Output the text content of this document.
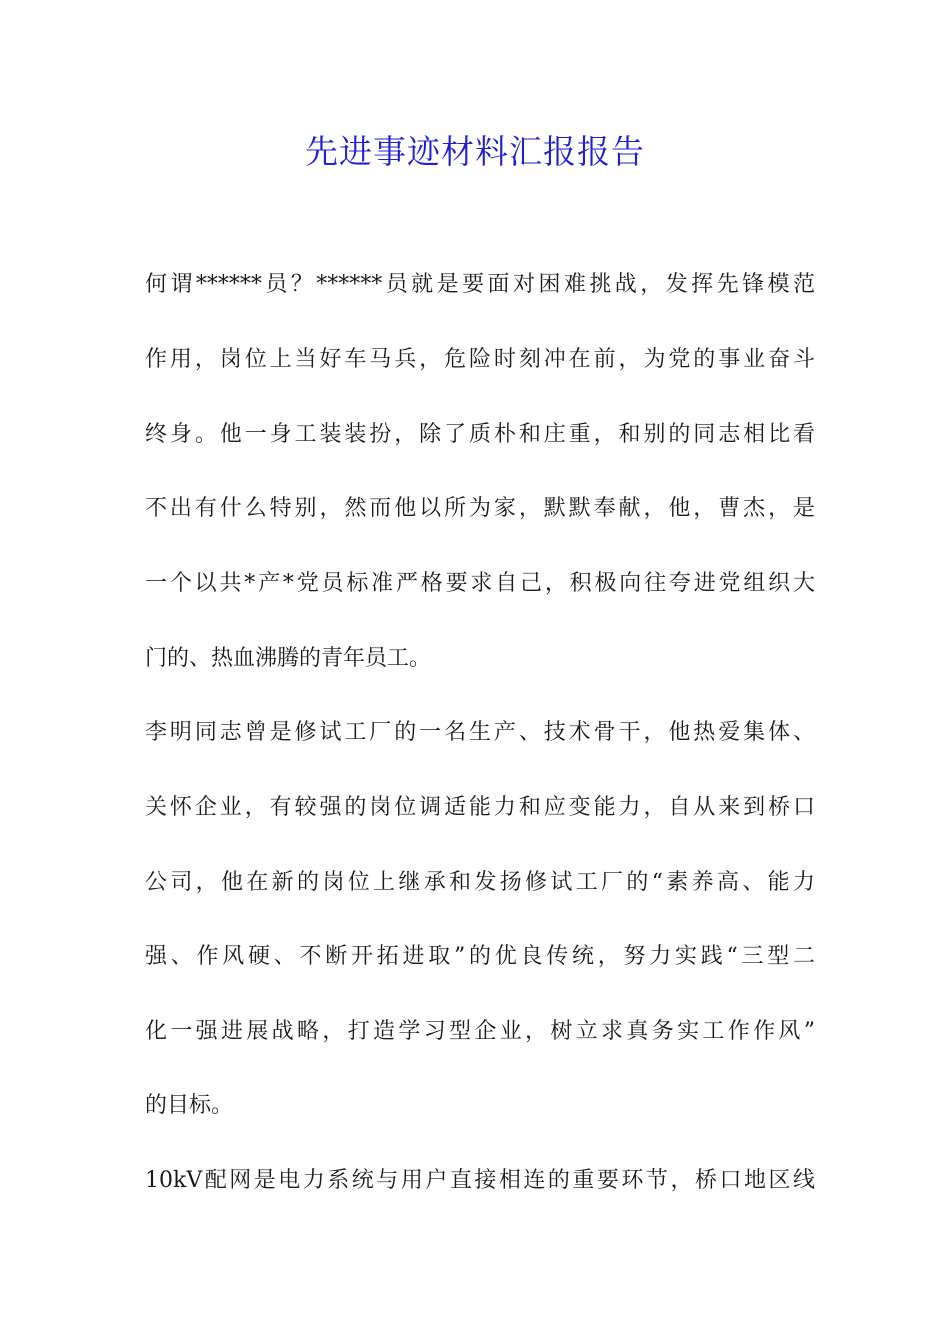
先进事迹材料汇报报告
何谓******员？******员就是要面对困难挑战，发挥先锋模范
作用，岗位上当好车马兵，危险时刻冲在前，为党的事业奋斗
终身。他一身工装装扮，除了质朴和庄重，和别的同志相比看
不出有什么特别，然而他以所为家，默默奉献，他，曹杰，是
一个以共*产*党员标准严格要求自己，积极向往夸进党组织大
门的、热血沸腾的青年员工。
李明同志曾是修试工厂的一名生产、技术骨干，他热爱集体、
关怀企业，有较强的岗位调适能力和应变能力，自从来到桥口
公司，他在新的岗位上继承和发扬修试工厂的“素养高、能力
强、作风硬、不断开拓进取”的优良传统，努力实践“三型二
化一强进展战略，打造学习型企业，树立求真务实工作作风”
的目标。
10kV配网是电力系统与用户直接相连的重要环节，桥口地区线
